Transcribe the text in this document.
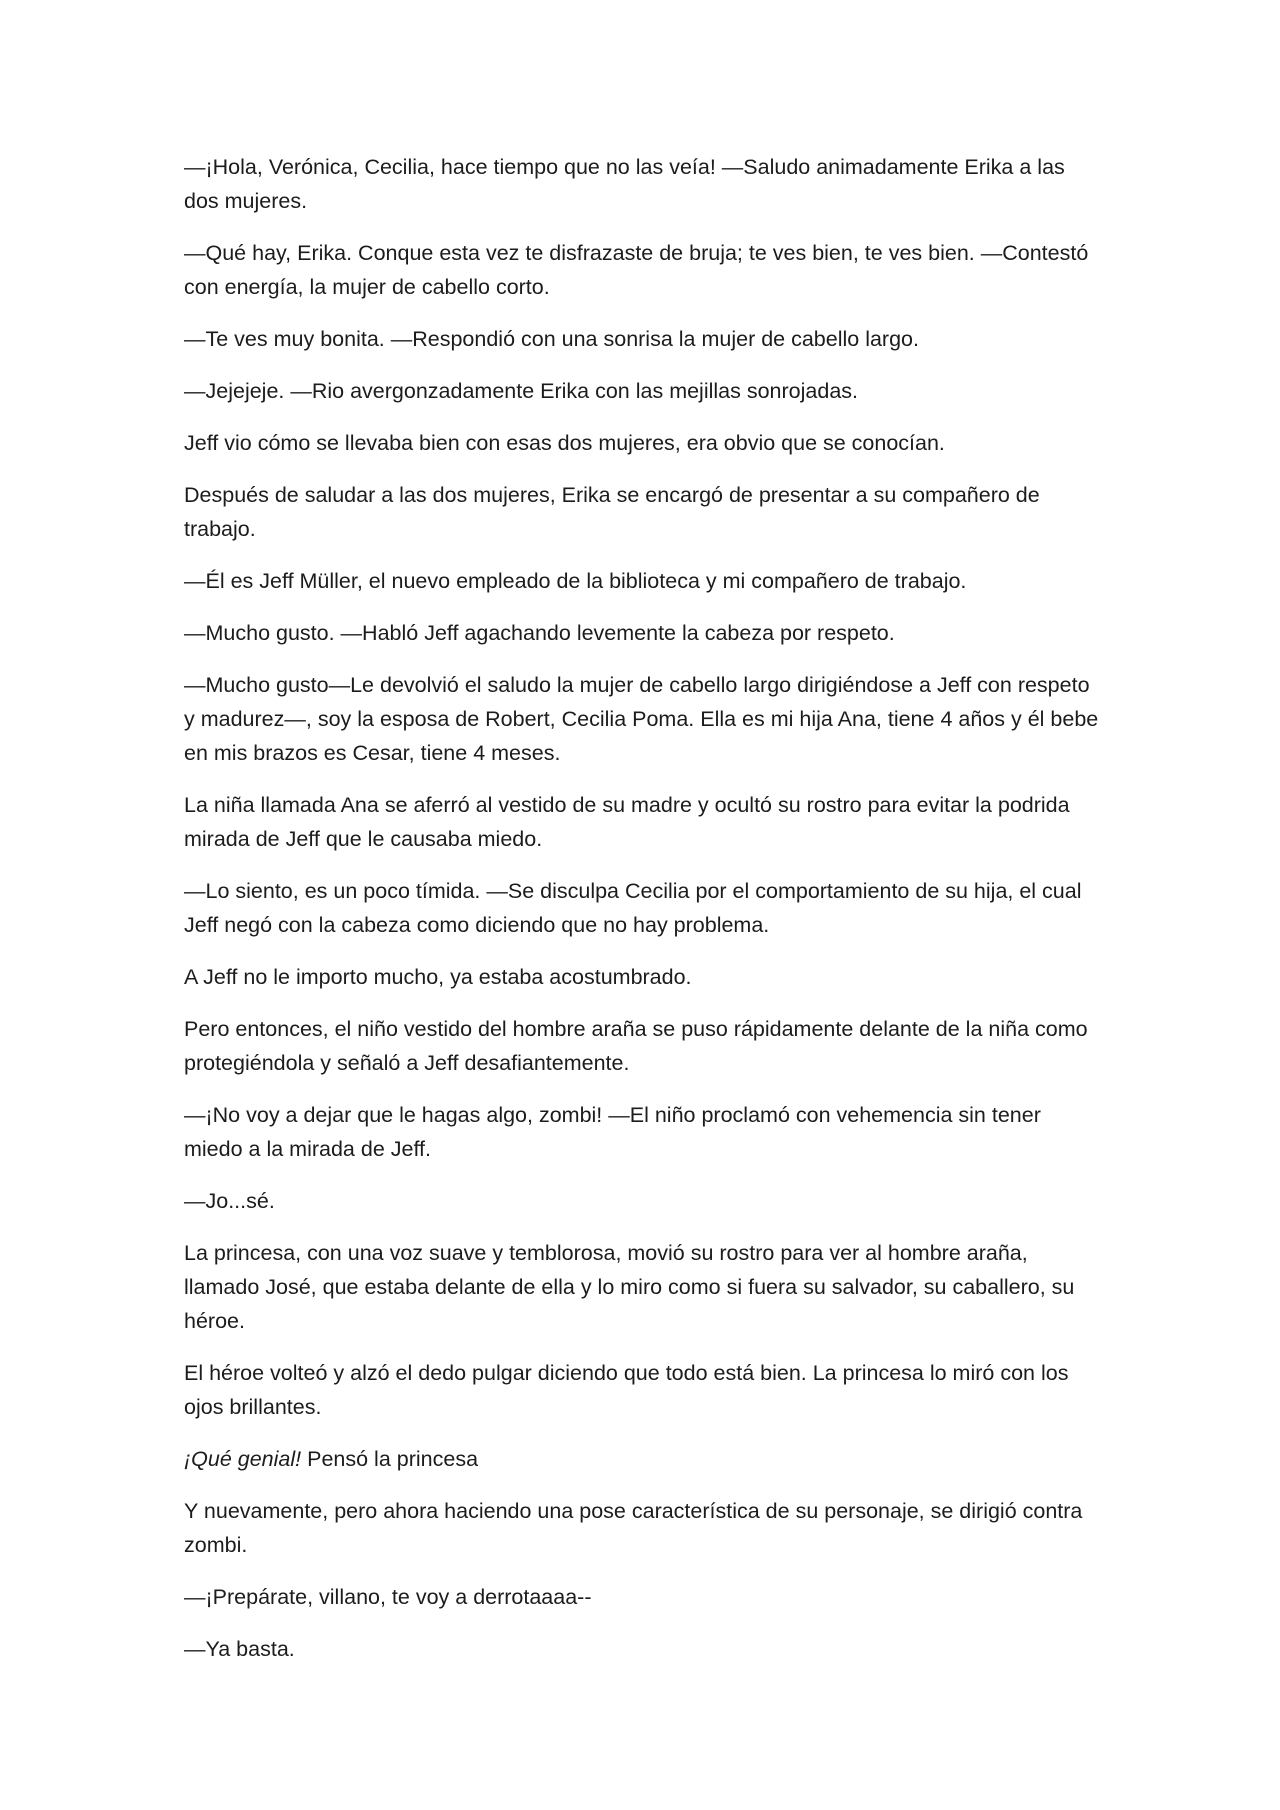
—¡Hola, Verónica, Cecilia, hace tiempo que no las veía! —Saludo animadamente Erika a las dos mujeres.

—Qué hay, Erika. Conque esta vez te disfrazaste de bruja; te ves bien, te ves bien. —Contestó con energía, la mujer de cabello corto.

—Te ves muy bonita. —Respondió con una sonrisa la mujer de cabello largo.

—Jejejeje. —Rio avergonzadamente Erika con las mejillas sonrojadas.

Jeff vio cómo se llevaba bien con esas dos mujeres, era obvio que se conocían.

Después de saludar a las dos mujeres, Erika se encargó de presentar a su compañero de trabajo.

—Él es Jeff Müller, el nuevo empleado de la biblioteca y mi compañero de trabajo.

—Mucho gusto. —Habló Jeff agachando levemente la cabeza por respeto.

—Mucho gusto—Le devolvió el saludo la mujer de cabello largo dirigiéndose a Jeff con respeto y madurez—, soy la esposa de Robert, Cecilia Poma. Ella es mi hija Ana, tiene 4 años y él bebe en mis brazos es Cesar, tiene 4 meses.

La niña llamada Ana se aferró al vestido de su madre y ocultó su rostro para evitar la podrida mirada de Jeff que le causaba miedo.

—Lo siento, es un poco tímida. —Se disculpa Cecilia por el comportamiento de su hija, el cual Jeff negó con la cabeza como diciendo que no hay problema.

A Jeff no le importo mucho, ya estaba acostumbrado.

Pero entonces, el niño vestido del hombre araña se puso rápidamente delante de la niña como protegiéndola y señaló a Jeff desafiantemente.

—¡No voy a dejar que le hagas algo, zombi! —El niño proclamó con vehemencia sin tener miedo a la mirada de Jeff.

—Jo...sé.

La princesa, con una voz suave y temblorosa, movió su rostro para ver al hombre araña, llamado José, que estaba delante de ella y lo miro como si fuera su salvador, su caballero, su héroe.

El héroe volteó y alzó el dedo pulgar diciendo que todo está bien. La princesa lo miró con los ojos brillantes.

¡Qué genial! Pensó la princesa

Y nuevamente, pero ahora haciendo una pose característica de su personaje, se dirigió contra zombi.

—¡Prepárate, villano, te voy a derrotaaaa--

—Ya basta.
